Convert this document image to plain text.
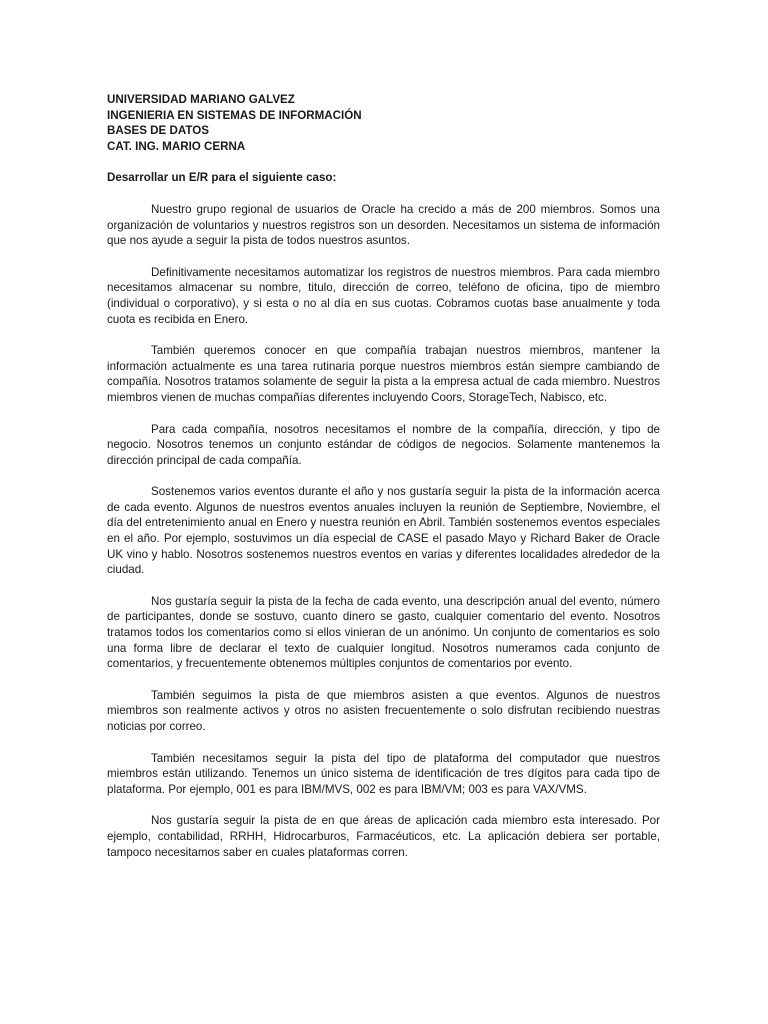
UNIVERSIDAD MARIANO GALVEZ
INGENIERIA EN SISTEMAS DE INFORMACIÓN
BASES DE DATOS
CAT. ING. MARIO CERNA
Desarrollar un E/R para el siguiente caso:

Nuestro grupo regional de usuarios de Oracle ha crecido a más de 200 miembros. Somos una organización de voluntarios y nuestros registros son un desorden. Necesitamos un sistema de información que nos ayude a seguir la pista de todos nuestros asuntos.

Definitivamente necesitamos automatizar los registros de nuestros miembros. Para cada miembro necesitamos almacenar su nombre, titulo, dirección de correo, teléfono de oficina, tipo de miembro (individual o corporativo), y si esta o no al día en sus cuotas. Cobramos cuotas base anualmente y toda cuota es recibida en Enero.

También queremos conocer en que compañía trabajan nuestros miembros, mantener la información actualmente es una tarea rutinaria porque nuestros miembros están siempre cambiando de compañía. Nosotros tratamos solamente de seguir la pista a la empresa actual de cada miembro. Nuestros miembros vienen de muchas compañías diferentes incluyendo Coors, StorageTech, Nabisco, etc.

Para cada compañía, nosotros necesitamos el nombre de la compañía, dirección, y tipo de negocio. Nosotros tenemos un conjunto estándar de códigos de negocios. Solamente mantenemos la dirección principal de cada compañía.

Sostenemos varios eventos durante el año y nos gustaría seguir la pista de la información acerca de cada evento. Algunos de nuestros eventos anuales incluyen la reunión de Septiembre, Noviembre, el día del entretenimiento anual en Enero y nuestra reunión en Abril. También sostenemos eventos especiales en el año. Por ejemplo, sostuvimos un día especial de CASE el pasado Mayo y Richard Baker de Oracle UK vino y hablo. Nosotros sostenemos nuestros eventos en varias y diferentes localidades alrededor de la ciudad.

Nos gustaría seguir la pista de la fecha de cada evento, una descripción anual del evento, número de participantes, donde se sostuvo, cuanto dinero se gasto, cualquier comentario del evento. Nosotros tratamos todos los comentarios como si ellos vinieran de un anónimo. Un conjunto de comentarios es solo una forma libre de declarar el texto de cualquier longitud. Nosotros numeramos cada conjunto de comentarios, y frecuentemente obtenemos múltiples conjuntos de comentarios por evento.

También seguimos la pista de que miembros asisten a que eventos. Algunos de nuestros miembros son realmente activos y otros no asisten frecuentemente o solo disfrutan recibiendo nuestras noticias por correo.

También necesitamos seguir la pista del tipo de plataforma del computador que nuestros miembros están utilizando. Tenemos un único sistema de identificación de tres dígitos para cada tipo de plataforma. Por ejemplo, 001 es para IBM/MVS, 002 es para IBM/VM; 003 es para VAX/VMS.

Nos gustaría seguir la pista de en que áreas de aplicación cada miembro esta interesado. Por ejemplo, contabilidad, RRHH, Hidrocarburos, Farmacéuticos, etc. La aplicación debiera ser portable, tampoco necesitamos saber en cuales plataformas corren.
